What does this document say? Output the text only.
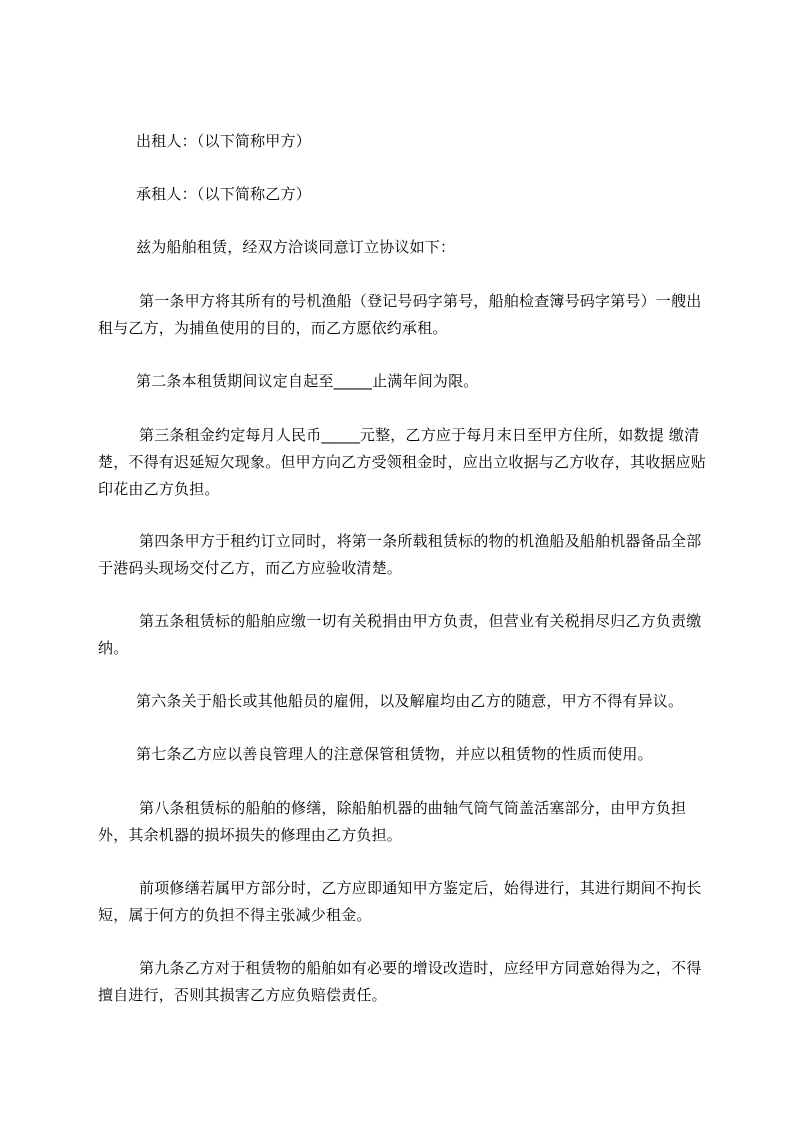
出租人：（以下简称甲方）

承租人：（以下简称乙方）

兹为船舶租赁，经双方洽谈同意订立协议如下：

第一条甲方将其所有的号机渔船（登记号码字第号，船舶检查簿号码字第号）一艘出租与乙方，为捕鱼使用的目的，而乙方愿依约承租。

第二条本租赁期间议定自起至_____止满年间为限。

第三条租金约定每月人民币_____元整，乙方应于每月末日至甲方住所，如数提 缴清楚，不得有迟延短欠现象。但甲方向乙方受领租金时，应出立收据与乙方收存，其收据应贴印花由乙方负担。

第四条甲方于租约订立同时，将第一条所载租赁标的物的机渔船及船舶机器备品全部于港码头现场交付乙方，而乙方应验收清楚。

第五条租赁标的船舶应缴一切有关税捐由甲方负责，但营业有关税捐尽归乙方负责缴纳。

第六条关于船长或其他船员的雇佣，以及解雇均由乙方的随意，甲方不得有异议。

第七条乙方应以善良管理人的注意保管租赁物，并应以租赁物的性质而使用。

第八条租赁标的船舶的修缮，除船舶机器的曲轴气筒气筒盖活塞部分，由甲方负担外，其余机器的损坏损失的修理由乙方负担。

前项修缮若属甲方部分时，乙方应即通知甲方鉴定后，始得进行，其进行期间不拘长短，属于何方的负担不得主张减少租金。

第九条乙方对于租赁物的船舶如有必要的增设改造时，应经甲方同意始得为之，不得擅自进行，否则其损害乙方应负赔偿责任。
